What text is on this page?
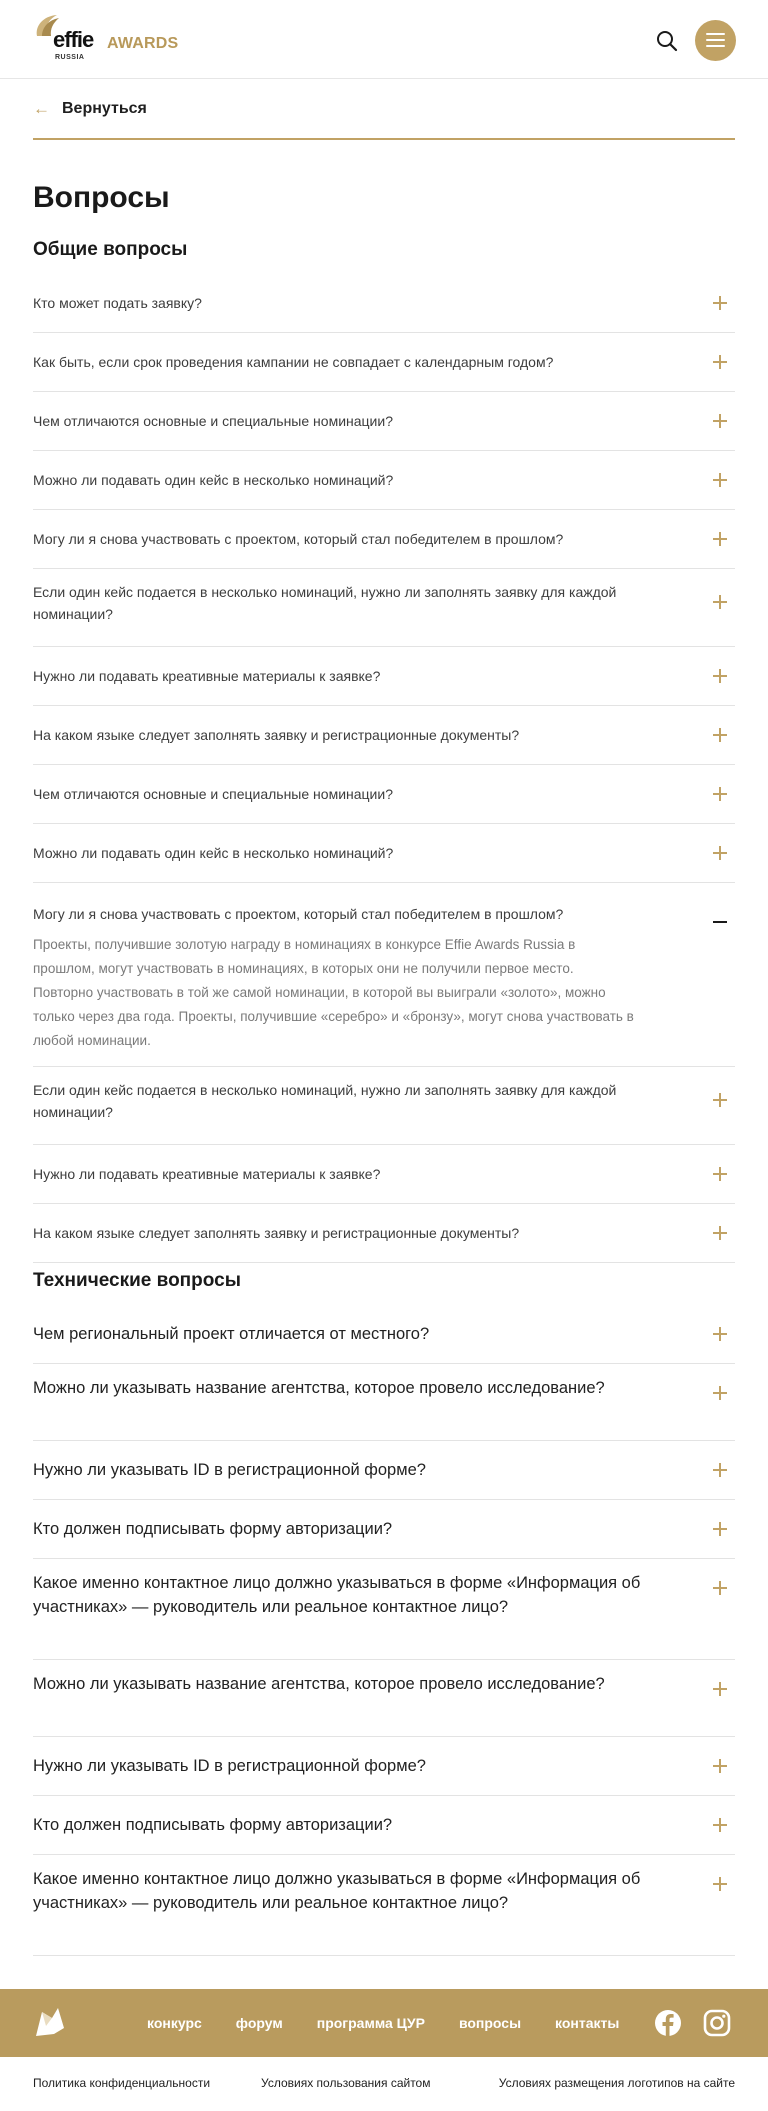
effie AWARDS
RUSSIA
← Вернуться
Вопросы
Общие вопросы
Кто может подать заявку?
Как быть, если срок проведения кампании не совпадает с календарным годом?
Чем отличаются основные и специальные номинации?
Можно ли подавать один кейс в несколько номинаций?
Могу ли я снова участвовать с проектом, который стал победителем в прошлом?
Если один кейс подается в несколько номинаций, нужно ли заполнять заявку для каждой номинации?
Нужно ли подавать креативные материалы к заявке?
На каком языке следует заполнять заявку и регистрационные документы?
Чем отличаются основные и специальные номинации?
Можно ли подавать один кейс в несколько номинаций?
Могу ли я снова участвовать с проектом, который стал победителем в прошлом?
Проекты, получившие золотую награду в номинациях в конкурсе Effie Awards Russia в прошлом, могут участвовать в номинациях, в которых они не получили первое место. Повторно участвовать в той же самой номинации, в которой вы выиграли «золото», можно только через два года. Проекты, получившие «серебро» и «бронзу», могут снова участвовать в любой номинации.
Если один кейс подается в несколько номинаций, нужно ли заполнять заявку для каждой номинации?
Нужно ли подавать креативные материалы к заявке?
На каком языке следует заполнять заявку и регистрационные документы?
Технические вопросы
Чем региональный проект отличается от местного?
Можно ли указывать название агентства, которое провело исследование?
Нужно ли указывать ID в регистрационной форме?
Кто должен подписывать форму авторизации?
Какое именно контактное лицо должно указываться в форме «Информация об участниках» — руководитель или реальное контактное лицо?
Можно ли указывать название агентства, которое провело исследование?
Нужно ли указывать ID в регистрационной форме?
Кто должен подписывать форму авторизации?
Какое именно контактное лицо должно указываться в форме «Информация об участниках» — руководитель или реальное контактное лицо?
конкурс форум программа ЦУР вопросы контакты
Политика конфиденциальности	Условиях пользования сайтом	Условиях размещения логотипов на сайте
